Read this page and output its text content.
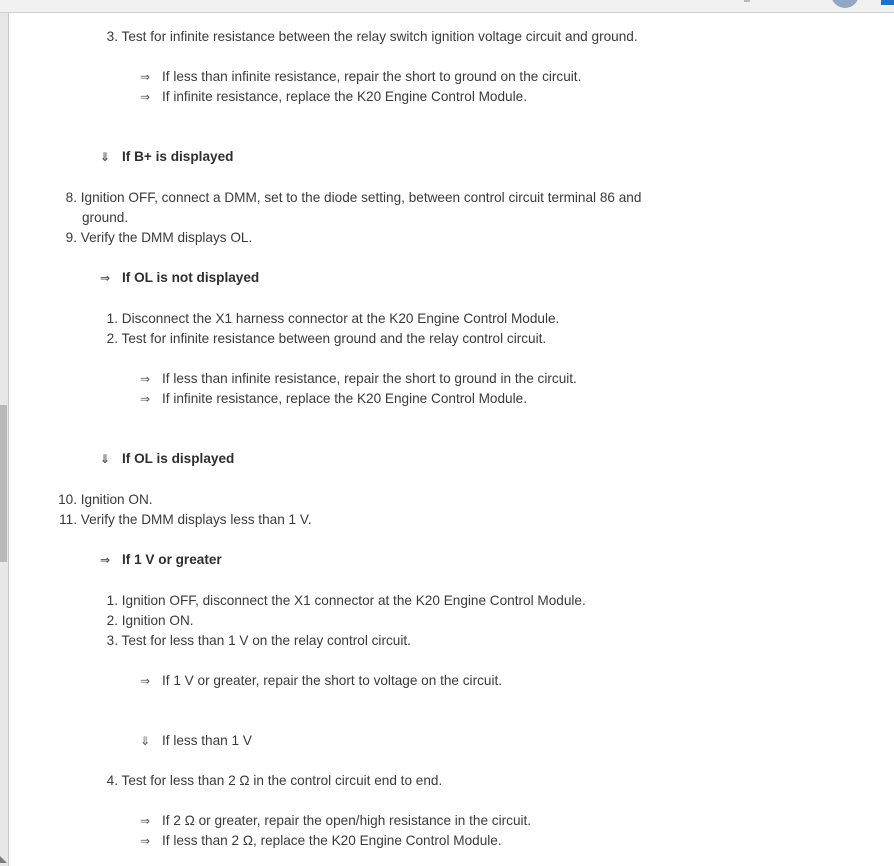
3. Test for infinite resistance between the relay switch ignition voltage circuit and ground.
⇒ If less than infinite resistance, repair the short to ground on the circuit.
⇒ If infinite resistance, replace the K20 Engine Control Module.
⇓ If B+ is displayed
8. Ignition OFF, connect a DMM, set to the diode setting, between control circuit terminal 86 and
ground.
9. Verify the DMM displays OL.
⇒ If OL is not displayed
1. Disconnect the X1 harness connector at the K20 Engine Control Module.
2. Test for infinite resistance between ground and the relay control circuit.
⇒ If less than infinite resistance, repair the short to ground in the circuit.
⇒ If infinite resistance, replace the K20 Engine Control Module.
⇓ If OL is displayed
10. Ignition ON.
11. Verify the DMM displays less than 1 V.
⇒ If 1 V or greater
1. Ignition OFF, disconnect the X1 connector at the K20 Engine Control Module.
2. Ignition ON.
3. Test for less than 1 V on the relay control circuit.
⇒ If 1 V or greater, repair the short to voltage on the circuit.
⇓ If less than 1 V
4. Test for less than 2 Ω in the control circuit end to end.
⇒ If 2 Ω or greater, repair the open/high resistance in the circuit.
⇒ If less than 2 Ω, replace the K20 Engine Control Module.
